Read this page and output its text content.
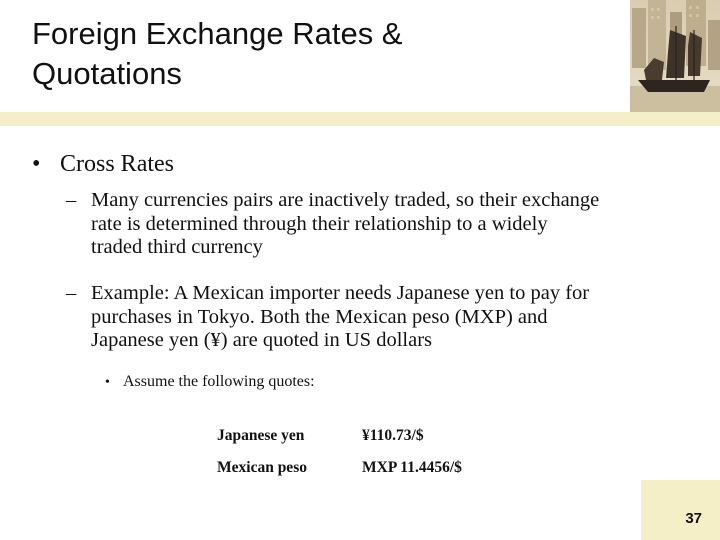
Foreign Exchange Rates &
Quotations
• Cross Rates
– Many currencies pairs are inactively traded, so their exchange
rate is determined through their relationship to a widely
traded third currency
– Example: A Mexican importer needs Japanese yen to pay for
purchases in Tokyo. Both the Mexican peso (MXP) and
Japanese yen (¥) are quoted in US dollars
• Assume the following quotes:
Japanese yen	¥110.73/$
Mexican peso	MXP 11.4456/$
37
